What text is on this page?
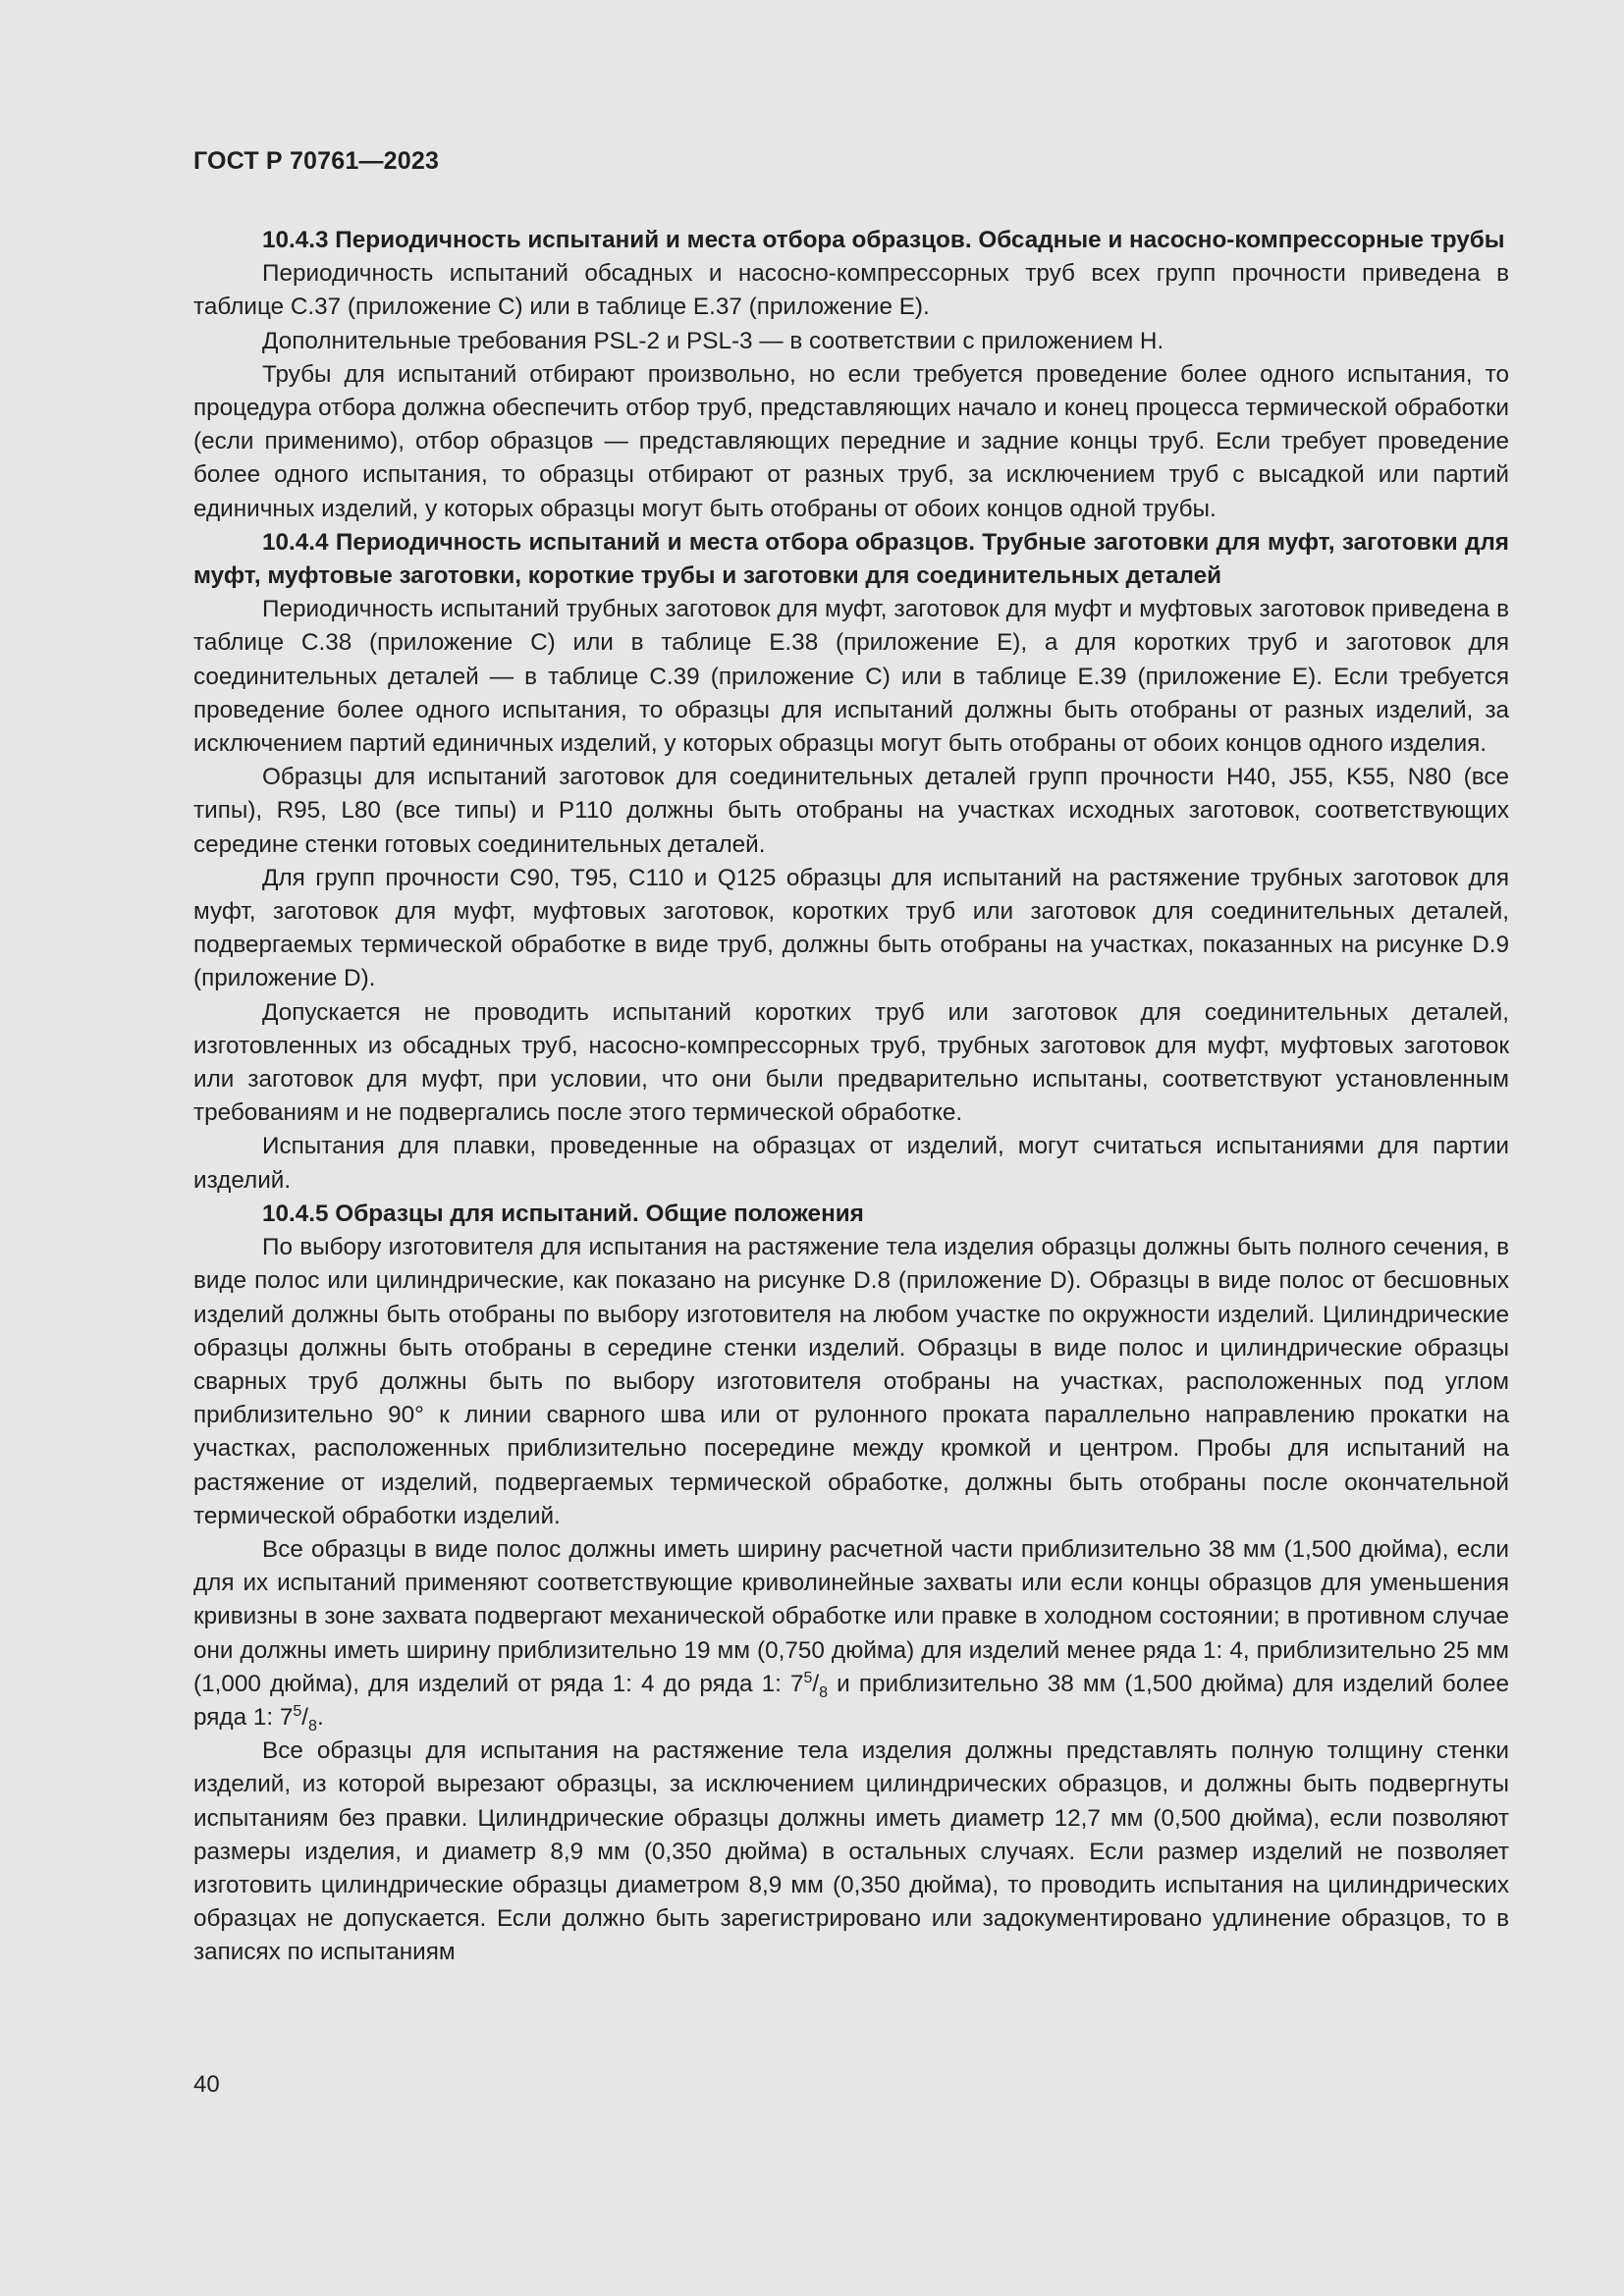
ГОСТ Р 70761—2023

10.4.3 Периодичность испытаний и места отбора образцов. Обсадные и насосно-компрессорные трубы

Периодичность испытаний обсадных и насосно-компрессорных труб всех групп прочности приведена в таблице С.37 (приложение С) или в таблице Е.37 (приложение Е).

Дополнительные требования PSL-2 и PSL-3 — в соответствии с приложением Н.

Трубы для испытаний отбирают произвольно, но если требуется проведение более одного испытания, то процедура отбора должна обеспечить отбор труб, представляющих начало и конец процесса термической обработки (если применимо), отбор образцов — представляющих передние и задние концы труб. Если требует проведение более одного испытания, то образцы отбирают от разных труб, за исключением труб с высадкой или партий единичных изделий, у которых образцы могут быть отобраны от обоих концов одной трубы.

10.4.4 Периодичность испытаний и места отбора образцов. Трубные заготовки для муфт, заготовки для муфт, муфтовые заготовки, короткие трубы и заготовки для соединительных деталей

Периодичность испытаний трубных заготовок для муфт, заготовок для муфт и муфтовых заготовок приведена в таблице С.38 (приложение С) или в таблице Е.38 (приложение Е), а для коротких труб и заготовок для соединительных деталей — в таблице С.39 (приложение С) или в таблице Е.39 (приложение Е). Если требуется проведение более одного испытания, то образцы для испытаний должны быть отобраны от разных изделий, за исключением партий единичных изделий, у которых образцы могут быть отобраны от обоих концов одного изделия.

Образцы для испытаний заготовок для соединительных деталей групп прочности Н40, J55, K55, N80 (все типы), R95, L80 (все типы) и Р110 должны быть отобраны на участках исходных заготовок, соответствующих середине стенки готовых соединительных деталей.

Для групп прочности С90, Т95, С110 и Q125 образцы для испытаний на растяжение трубных заготовок для муфт, заготовок для муфт, муфтовых заготовок, коротких труб или заготовок для соединительных деталей, подвергаемых термической обработке в виде труб, должны быть отобраны на участках, показанных на рисунке D.9 (приложение D).

Допускается не проводить испытаний коротких труб или заготовок для соединительных деталей, изготовленных из обсадных труб, насосно-компрессорных труб, трубных заготовок для муфт, муфтовых заготовок или заготовок для муфт, при условии, что они были предварительно испытаны, соответствуют установленным требованиям и не подвергались после этого термической обработке.

Испытания для плавки, проведенные на образцах от изделий, могут считаться испытаниями для партии изделий.

10.4.5 Образцы для испытаний. Общие положения

По выбору изготовителя для испытания на растяжение тела изделия образцы должны быть полного сечения, в виде полос или цилиндрические, как показано на рисунке D.8 (приложение D). Образцы в виде полос от бесшовных изделий должны быть отобраны по выбору изготовителя на любом участке по окружности изделий. Цилиндрические образцы должны быть отобраны в середине стенки изделий. Образцы в виде полос и цилиндрические образцы сварных труб должны быть по выбору изготовителя отобраны на участках, расположенных под углом приблизительно 90° к линии сварного шва или от рулонного проката параллельно направлению прокатки на участках, расположенных приблизительно посередине между кромкой и центром. Пробы для испытаний на растяжение от изделий, подвергаемых термической обработке, должны быть отобраны после окончательной термической обработки изделий.

Все образцы в виде полос должны иметь ширину расчетной части приблизительно 38 мм (1,500 дюйма), если для их испытаний применяют соответствующие криволинейные захваты или если концы образцов для уменьшения кривизны в зоне захвата подвергают механической обработке или правке в холодном состоянии; в противном случае они должны иметь ширину приблизительно 19 мм (0,750 дюйма) для изделий менее ряда 1: 4, приблизительно 25 мм (1,000 дюйма), для изделий от ряда 1: 4 до ряда 1: $7^5/_8$ и приблизительно 38 мм (1,500 дюйма) для изделий более ряда 1: $7^5/_8$.

Все образцы для испытания на растяжение тела изделия должны представлять полную толщину стенки изделий, из которой вырезают образцы, за исключением цилиндрических образцов, и должны быть подвергнуты испытаниям без правки. Цилиндрические образцы должны иметь диаметр 12,7 мм (0,500 дюйма), если позволяют размеры изделия, и диаметр 8,9 мм (0,350 дюйма) в остальных случаях. Если размер изделий не позволяет изготовить цилиндрические образцы диаметром 8,9 мм (0,350 дюйма), то проводить испытания на цилиндрических образцах не допускается. Если должно быть зарегистрировано или задокументировано удлинение образцов, то в записях по испытаниям

40
